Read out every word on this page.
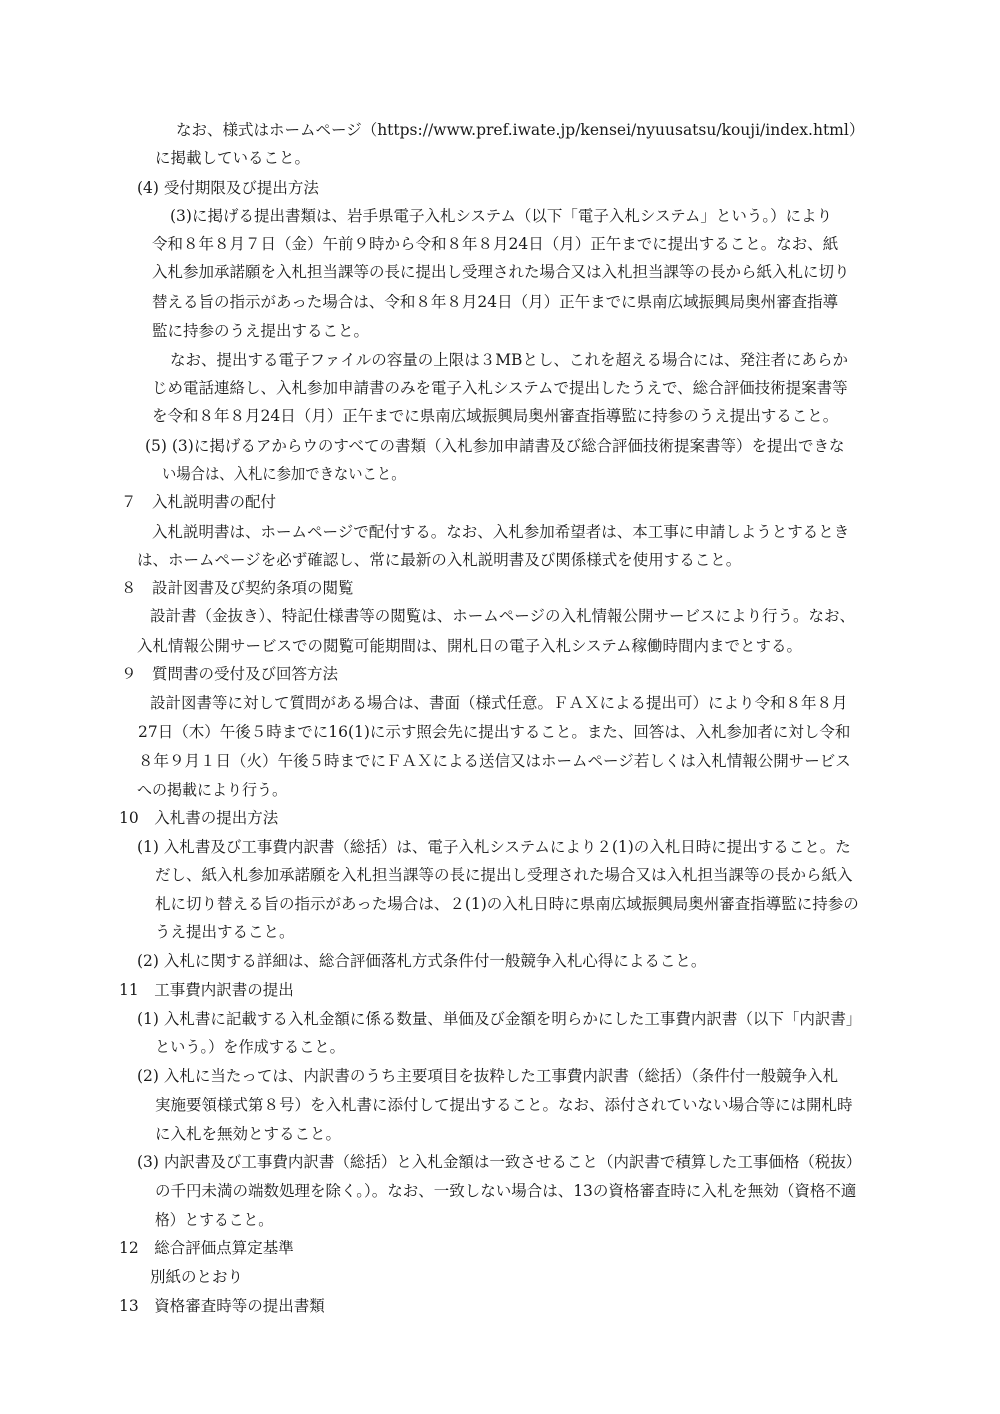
なお、様式はホームページ（https://www.pref.iwate.jp/kensei/nyuusatsu/kouji/index.html）
に掲載していること。
(4) 受付期限及び提出方法
(3)に掲げる提出書類は、岩手県電子入札システム（以下「電子入札システム」という。）により
令和８年８月７日（金）午前９時から令和８年８月24日（月）正午までに提出すること。なお、紙
入札参加承諾願を入札担当課等の長に提出し受理された場合又は入札担当課等の長から紙入札に切り
替える旨の指示があった場合は、令和８年８月24日（月）正午までに県南広域振興局奥州審査指導
監に持参のうえ提出すること。
なお、提出する電子ファイルの容量の上限は３MBとし、これを超える場合には、発注者にあらか
じめ電話連絡し、入札参加申請書のみを電子入札システムで提出したうえで、総合評価技術提案書等
を令和８年８月24日（月）正午までに県南広域振興局奥州審査指導監に持参のうえ提出すること。
(5) (3)に掲げるアからウのすべての書類（入札参加申請書及び総合評価技術提案書等）を提出できな
い場合は、入札に参加できないこと。
７　入札説明書の配付
入札説明書は、ホームページで配付する。なお、入札参加希望者は、本工事に申請しようとするとき
は、ホームページを必ず確認し、常に最新の入札説明書及び関係様式を使用すること。
８　設計図書及び契約条項の閲覧
設計書（金抜き）、特記仕様書等の閲覧は、ホームページの入札情報公開サービスにより行う。なお、
入札情報公開サービスでの閲覧可能期間は、開札日の電子入札システム稼働時間内までとする。
９　質問書の受付及び回答方法
設計図書等に対して質問がある場合は、書面（様式任意。ＦＡＸによる提出可）により令和８年８月
27日（木）午後５時までに16(1)に示す照会先に提出すること。また、回答は、入札参加者に対し令和
８年９月１日（火）午後５時までにＦＡＸによる送信又はホームページ若しくは入札情報公開サービス
への掲載により行う。
10　入札書の提出方法
(1) 入札書及び工事費内訳書（総括）は、電子入札システムにより２(1)の入札日時に提出すること。た
だし、紙入札参加承諾願を入札担当課等の長に提出し受理された場合又は入札担当課等の長から紙入
札に切り替える旨の指示があった場合は、２(1)の入札日時に県南広域振興局奥州審査指導監に持参の
うえ提出すること。
(2) 入札に関する詳細は、総合評価落札方式条件付一般競争入札心得によること。
11　工事費内訳書の提出
(1) 入札書に記載する入札金額に係る数量、単価及び金額を明らかにした工事費内訳書（以下「内訳書」
という。）を作成すること。
(2) 入札に当たっては、内訳書のうち主要項目を抜粋した工事費内訳書（総括）（条件付一般競争入札
実施要領様式第８号）を入札書に添付して提出すること。なお、添付されていない場合等には開札時
に入札を無効とすること。
(3) 内訳書及び工事費内訳書（総括）と入札金額は一致させること（内訳書で積算した工事価格（税抜）
の千円未満の端数処理を除く。）。なお、一致しない場合は、13の資格審査時に入札を無効（資格不適
格）とすること。
12　総合評価点算定基準
別紙のとおり
13　資格審査時等の提出書類
